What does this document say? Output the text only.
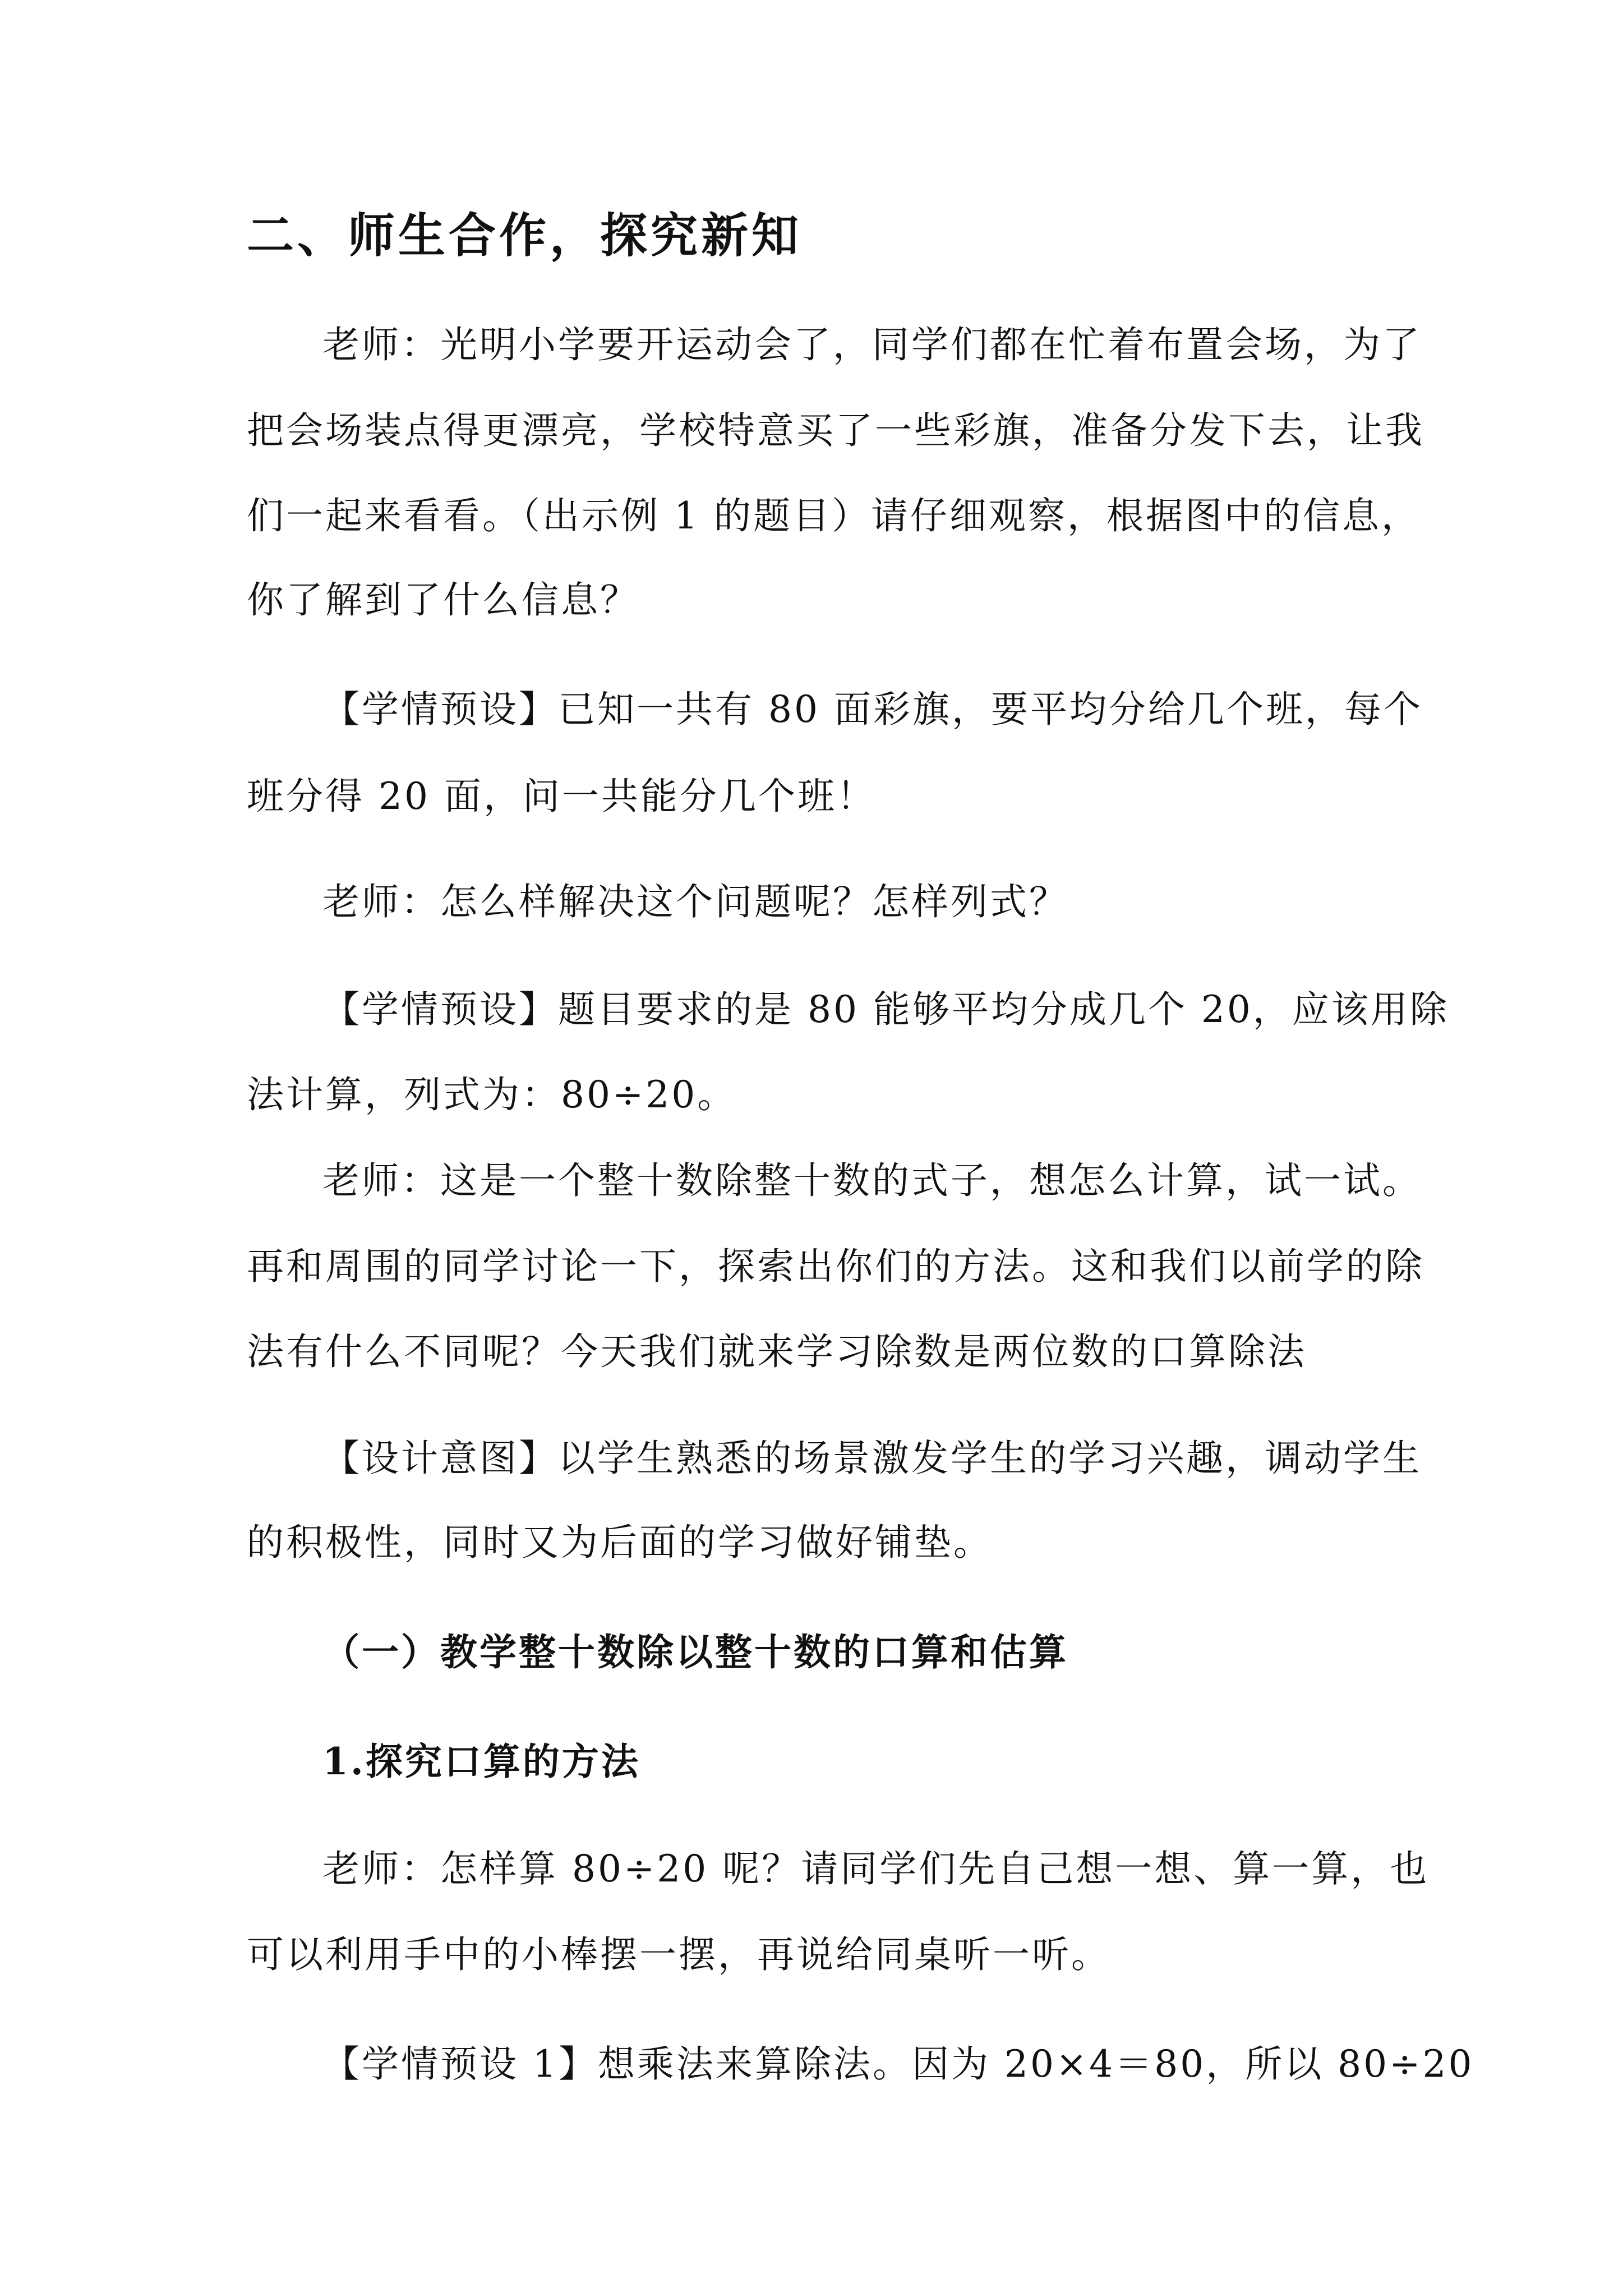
二、师生合作，探究新知
老师：光明小学要开运动会了，同学们都在忙着布置会场，为了
把会场装点得更漂亮，学校特意买了一些彩旗，准备分发下去，让我
们一起来看看。（出示例 1 的题目）请仔细观察，根据图中的信息，
你了解到了什么信息？
【学情预设】已知一共有 80 面彩旗，要平均分给几个班，每个
班分得 20 面，问一共能分几个班！
老师：怎么样解决这个问题呢？怎样列式？
【学情预设】题目要求的是 80 能够平均分成几个 20，应该用除
法计算，列式为：80÷20。
老师：这是一个整十数除整十数的式子，想怎么计算，试一试。
再和周围的同学讨论一下，探索出你们的方法。这和我们以前学的除
法有什么不同呢？今天我们就来学习除数是两位数的口算除法
【设计意图】以学生熟悉的场景激发学生的学习兴趣，调动学生
的积极性，同时又为后面的学习做好铺垫。
（一）教学整十数除以整十数的口算和估算
1.探究口算的方法
老师：怎样算 80÷20 呢？请同学们先自己想一想、算一算，也
可以利用手中的小棒摆一摆，再说给同桌听一听。
【学情预设 1】想乘法来算除法。因为 20×4＝80，所以 80÷20
